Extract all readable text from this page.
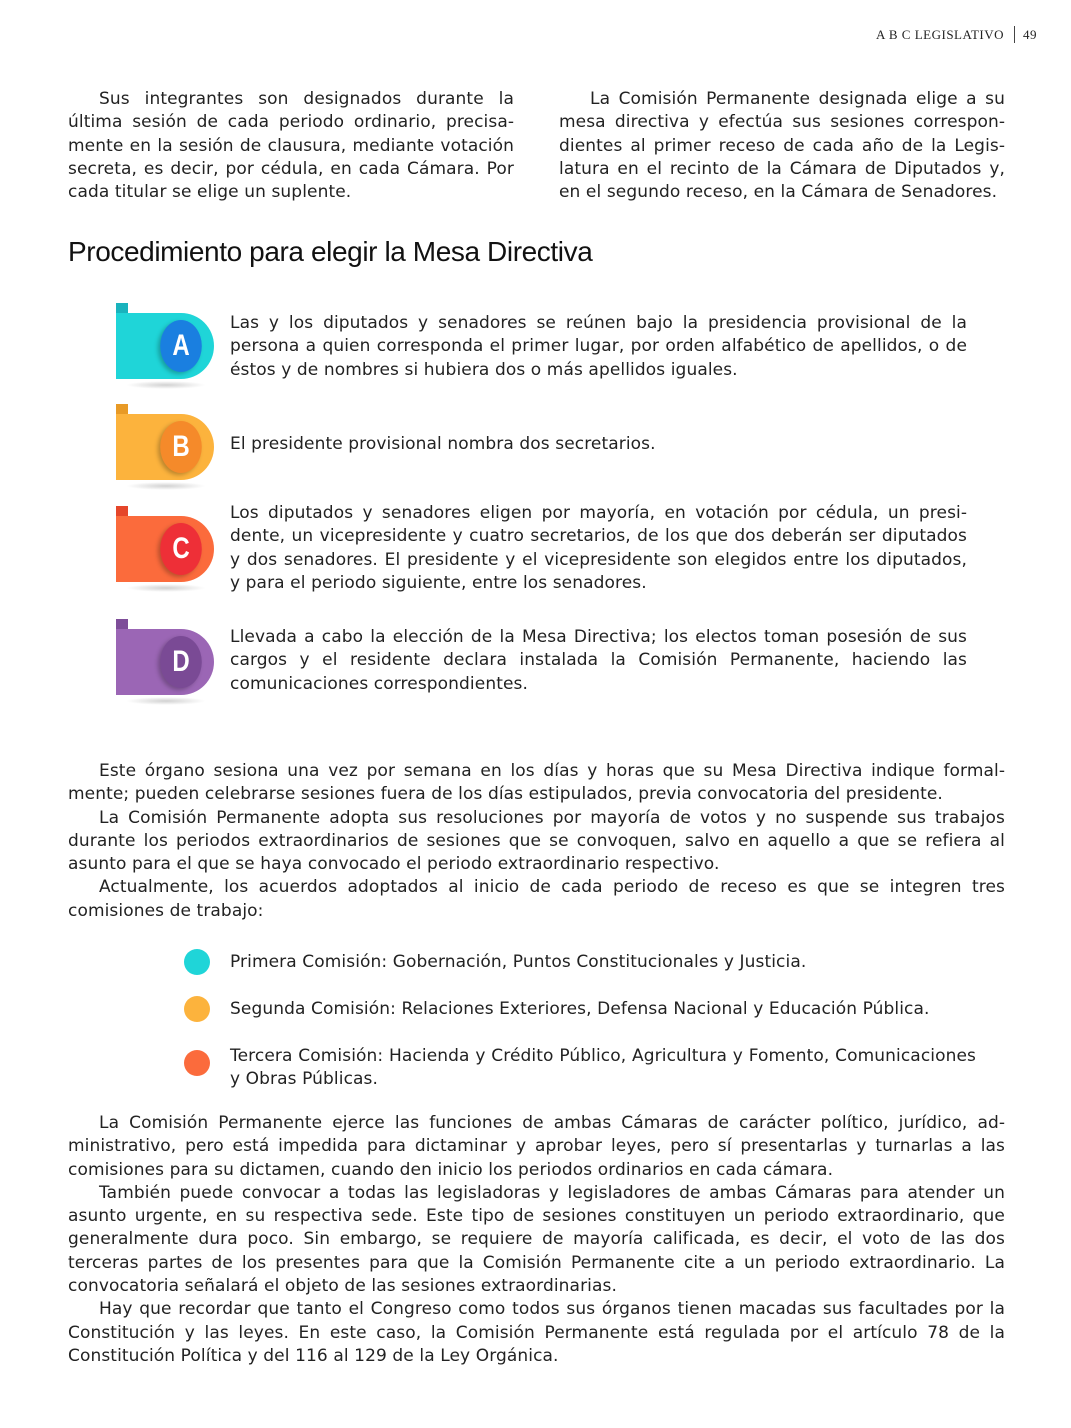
A B C LEGISLATIVO 49

Sus integrantes son designados durante la última sesión de cada periodo ordinario, precisamente en la sesión de clausura, mediante votación secreta, es decir, por cédula, en cada Cámara. Por cada titular se elige un suplente.

La Comisión Permanente designada elige a su mesa directiva y efectúa sus sesiones correspondientes al primer receso de cada año de la Legislatura en el recinto de la Cámara de Diputados y, en el segundo receso, en la Cámara de Senadores.

Procedimiento para elegir la Mesa Directiva
A

Las y los diputados y senadores se reúnen bajo la presidencia provisional de la persona a quien corresponda el primer lugar, por orden alfabético de apellidos, o de éstos y de nombres si hubiera dos o más apellidos iguales.

B	El presidente provisional nombra dos secretarios.

C

Los diputados y senadores eligen por mayoría, en votación por cédula, un presidente, un vicepresidente y cuatro secretarios, de los que dos deberán ser diputados y dos senadores. El presidente y el vicepresidente son elegidos entre los diputados, y para el periodo siguiente, entre los senadores.

D

Llevada a cabo la elección de la Mesa Directiva; los electos toman posesión de sus cargos y el residente declara instalada la Comisión Permanente, haciendo las comunicaciones correspondientes.

Este órgano sesiona una vez por semana en los días y horas que su Mesa Directiva indique formalmente; pueden celebrarse sesiones fuera de los días estipulados, previa convocatoria del presidente.

La Comisión Permanente adopta sus resoluciones por mayoría de votos y no suspende sus trabajos durante los periodos extraordinarios de sesiones que se convoquen, salvo en aquello a que se refiera al asunto para el que se haya convocado el periodo extraordinario respectivo.

Actualmente, los acuerdos adoptados al inicio de cada periodo de receso es que se integren tres comisiones de trabajo:

Primera Comisión: Gobernación, Puntos Constitucionales y Justicia.

Segunda Comisión: Relaciones Exteriores, Defensa Nacional y Educación Pública.

Tercera Comisión: Hacienda y Crédito Público, Agricultura y Fomento, Comunicaciones y Obras Públicas.

La Comisión Permanente ejerce las funciones de ambas Cámaras de carácter político, jurídico, administrativo, pero está impedida para dictaminar y aprobar leyes, pero sí presentarlas y turnarlas a las comisiones para su dictamen, cuando den inicio los periodos ordinarios en cada cámara.

También puede convocar a todas las legisladoras y legisladores de ambas Cámaras para atender un asunto urgente, en su respectiva sede. Este tipo de sesiones constituyen un periodo extraordinario, que generalmente dura poco. Sin embargo, se requiere de mayoría calificada, es decir, el voto de las dos terceras partes de los presentes para que la Comisión Permanente cite a un periodo extraordinario. La convocatoria señalará el objeto de las sesiones extraordinarias.

Hay que recordar que tanto el Congreso como todos sus órganos tienen macadas sus facultades por la Constitución y las leyes. En este caso, la Comisión Permanente está regulada por el artículo 78 de la Constitución Política y del 116 al 129 de la Ley Orgánica.
